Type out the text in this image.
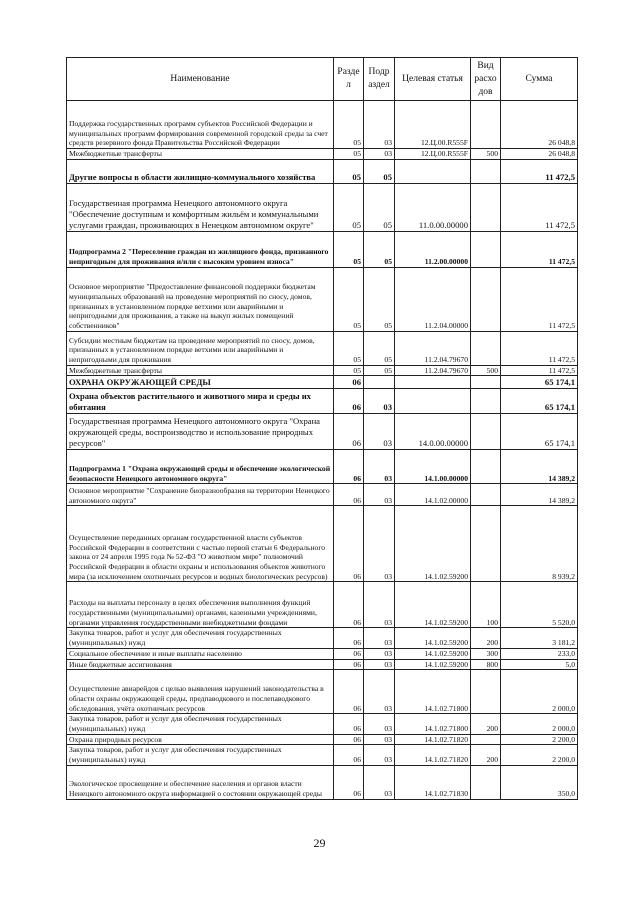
Наименование	Разде л	Подр аздел	Целевая статья	Вид расхо дов	Сумма
Поддержка государственных программ субъектов Российской Федерации и муниципальных программ формирования современной городской среды за счет средств резервного фонда Правительства Российской Федерации	05	03	12.Ц.00.R555F		26 048,8
Межбюджетные трансферты	05	03	12.Ц.00.R555F	500	26 048,8
Другие вопросы в области жилищно-коммунального хозяйства	05	05			11 472,5
Государственная программа Ненецкого автономного округа "Обеспечение доступным и комфортным жильём и коммунальными услугами граждан, проживающих в Ненецком автономном округе"	05	05	11.0.00.00000		11 472,5
Подпрограмма 2 "Переселение граждан из жилищного фонда, признанного непригодным для проживания и/или с высоким уровнем износа"	05	05	11.2.00.00000		11 472,5
Основное мероприятие "Предоставление финансовой поддержки бюджетам муниципальных образований на проведение мероприятий по сносу, домов, признанных в установленном порядке ветхими или аварийными и непригодными для проживания, а также на выкуп жилых помещений собственников"	05	05	11.2.04.00000		11 472,5
Субсидии местным бюджетам на проведение мероприятий по сносу, домов, признанных в установленном порядке ветхими или аварийными и непригодными для проживания	05	05	11.2.04.79670		11 472,5
Межбюджетные трансферты	05	05	11.2.04.79670	500	11 472,5
ОХРАНА ОКРУЖАЮЩЕЙ СРЕДЫ	06				65 174,1
Охрана объектов растительного и животного мира и среды их обитания	06	03			65 174,1
Государственная программа Ненецкого автономного округа "Охрана окружающей среды, воспроизводство и использование природных ресурсов"	06	03	14.0.00.00000		65 174,1
Подпрограмма 1 "Охрана окружающей среды и обеспечение экологической безопасности Ненецкого автономного округа"	06	03	14.1.00.00000		14 389,2
Основное мероприятие "Сохранение биоразнообразия на территории Ненецкого автономного округа"	06	03	14.1.02.00000		14 389,2
Осуществление переданных органам государственной власти субъектов Российской Федерации в соответствии с частью первой статьи 6 Федерального закона от 24 апреля 1995 года № 52-ФЗ "О животном мире" полномочий Российской Федерации в области охраны и использования объектов животного мира (за исключением охотничьих ресурсов и водных биологических ресурсов)	06	03	14.1.02.59200		8 939,2
Расходы на выплаты персоналу в целях обеспечения выполнения функций государственными (муниципальными) органами, казенными учреждениями, органами управления государственными внебюджетными фондами	06	03	14.1.02.59200	100	5 520,0
Закупка товаров, работ и услуг для обеспечения государственных (муниципальных) нужд	06	03	14.1.02.59200	200	3 181,2
Социальное обеспечение и иные выплаты населению	06	03	14.1.02.59200	300	233,0
Иные бюджетные ассигнования	06	03	14.1.02.59200	800	5,0
Осуществление авиарейдов с целью выявления нарушений законодательства в области охраны окружающей среды, предпаводкового и послепаводкового обследования, учёта охотничьих ресурсов	06	03	14.1.02.71800		2 000,0
Закупка товаров, работ и услуг для обеспечения государственных (муниципальных) нужд	06	03	14.1.02.71800	200	2 000,0
Охрана природных ресурсов	06	03	14.1.02.71820		2 200,0
Закупка товаров, работ и услуг для обеспечения государственных (муниципальных) нужд	06	03	14.1.02.71820	200	2 200,0
Экологическое просвещение и обеспечение населения и органов власти Ненецкого автономного округа информацией о состоянии окружающей среды	06	03	14.1.02.71830		350,0
29
